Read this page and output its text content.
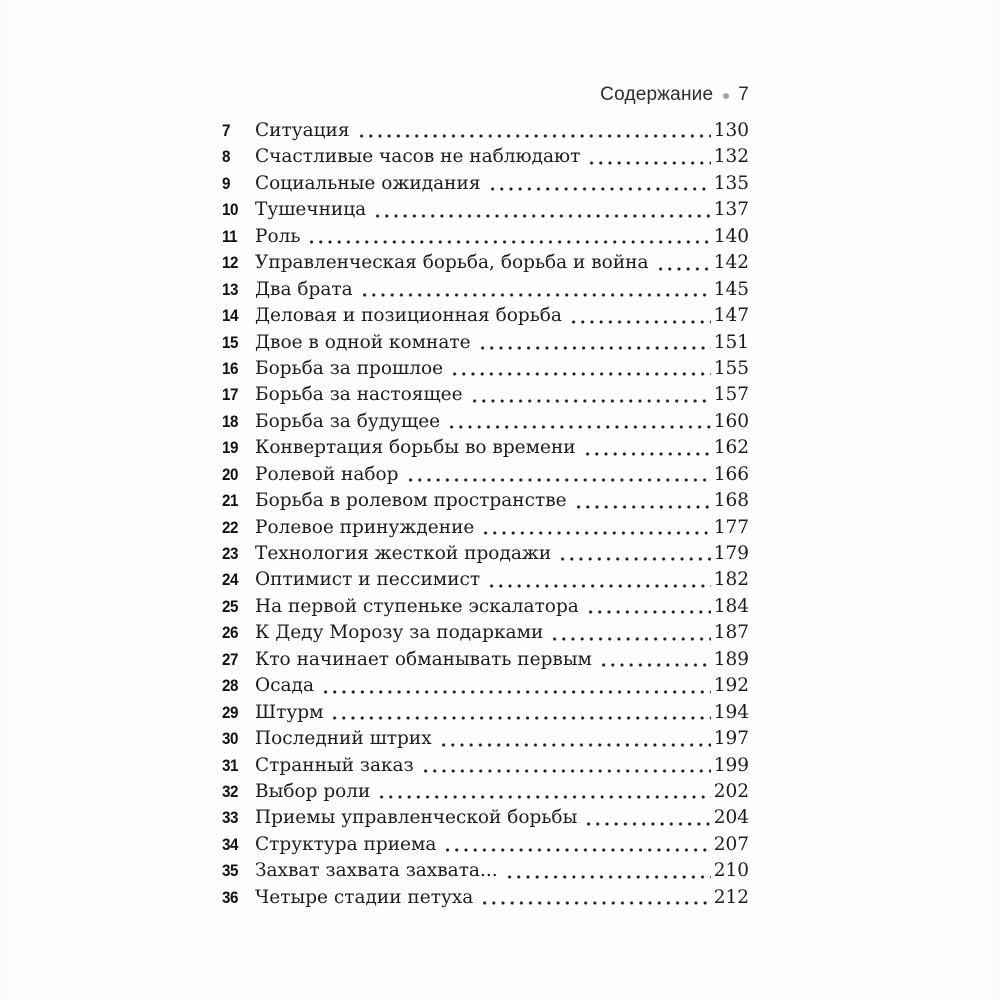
Содержание 7
7	Ситуация	130
8	Счастливые часов не наблюдают	132
9	Социальные ожидания	135
10 Тушечница	137
11 Роль	140
12 Управленческая борьба, борьба и война	142
13 Два брата	145
14 Деловая и позиционная борьба	147
15 Двое в одной комнате	151
16 Борьба за прошлое	155
17 Борьба за настоящее	157
18 Борьба за будущее	160
19 Конвертация борьбы во времени	162
20 Ролевой набор	166
21 Борьба в ролевом пространстве	168
22 Ролевое принуждение	177
23 Технология жесткой продажи	179
24 Оптимист и пессимист	182
25 На первой ступеньке эскалатора	184
26 К Деду Морозу за подарками	187
27 Кто начинает обманывать первым	189
28 Осада	192
29 Штурм	194
30 Последний штрих	197
31 Странный заказ	199
32 Выбор роли	202
33 Приемы управленческой борьбы	204
34 Структура приема	207
35 Захват захвата захвата...	210
36 Четыре стадии петуха	212
